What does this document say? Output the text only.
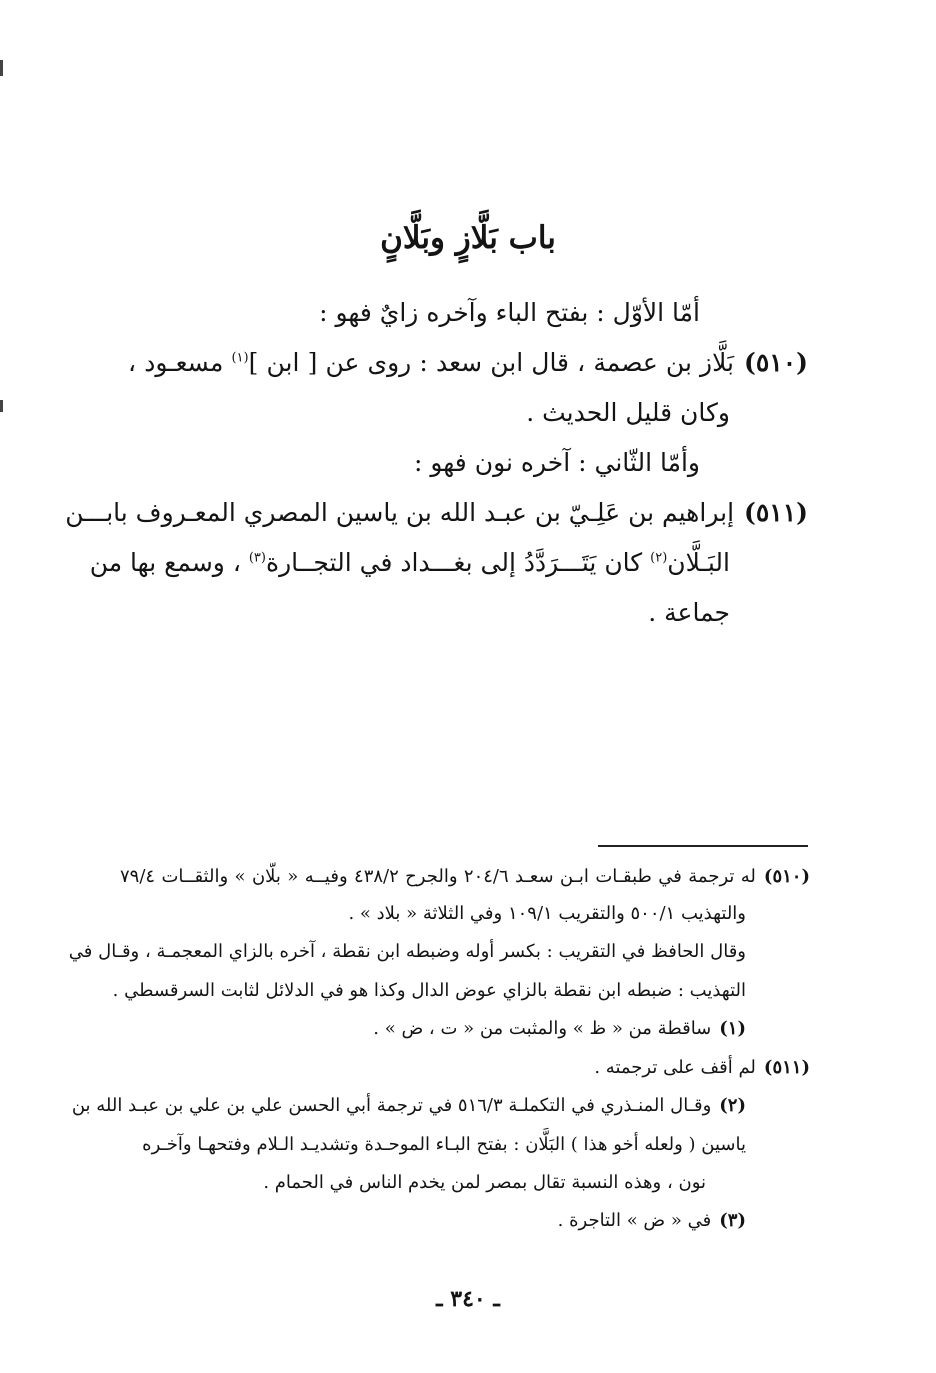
باب بَلَّازٍ وبَلَّانٍ
أمّا الأوّل : بفتح الباء وآخره زايٌ فهو :
(٥١٠)بَلَّاز بن عصمة ، قال ابن سعد : روى عن [ ابن ]$^{(١)}$ مسعـود ،
وكان قليل الحديث .
وأمّا الثّاني : آخره نون فهو :
(٥١١)إبراهيم بن عَلِـيّ بن عبـد الله بن ياسين المصري المعـروف بابـــن
البَـلَّان$^{(٢)}$ كان يَتَـــرَدَّدُ إلى بغـــداد في التجــارة$^{(٣)}$ ، وسمع بها من
جماعة .
(٥١٠)له ترجمة في طبقـات ابـن سعـد ٢٠٤/٦ والجرح ٤٣٨/٢ وفيــه « بلّان » والثقــات ٧٩/٤
والتهذيب ٥٠٠/١ والتقريب ١٠٩/١ وفي الثلاثة « بلاد » .
وقال الحافظ في التقريب : بكسر أوله وضبطه ابن نقطة ، آخره بالزاي المعجمـة ، وقـال في
التهذيب : ضبطه ابن نقطة بالزاي عوض الدال وكذا هو في الدلائل لثابت السرقسطي .
(١)ساقطة من « ظ » والمثبت من « ت ، ض » .
(٥١١)لم أقف على ترجمته .
(٢)وقـال المنـذري في التكملـة ٥١٦/٣ في ترجمة أبي الحسن علي بن علي بن عبـد الله بن
ياسين ( ولعله أخو هذا ) البَلَّان : بفتح البـاء الموحـدة وتشديـد الـلام وفتحهـا وآخـره
نون ، وهذه النسبة تقال بمصر لمن يخدم الناس في الحمام .
(٣)في « ض » التاجرة .
ـ ٣٤٠ ـ
